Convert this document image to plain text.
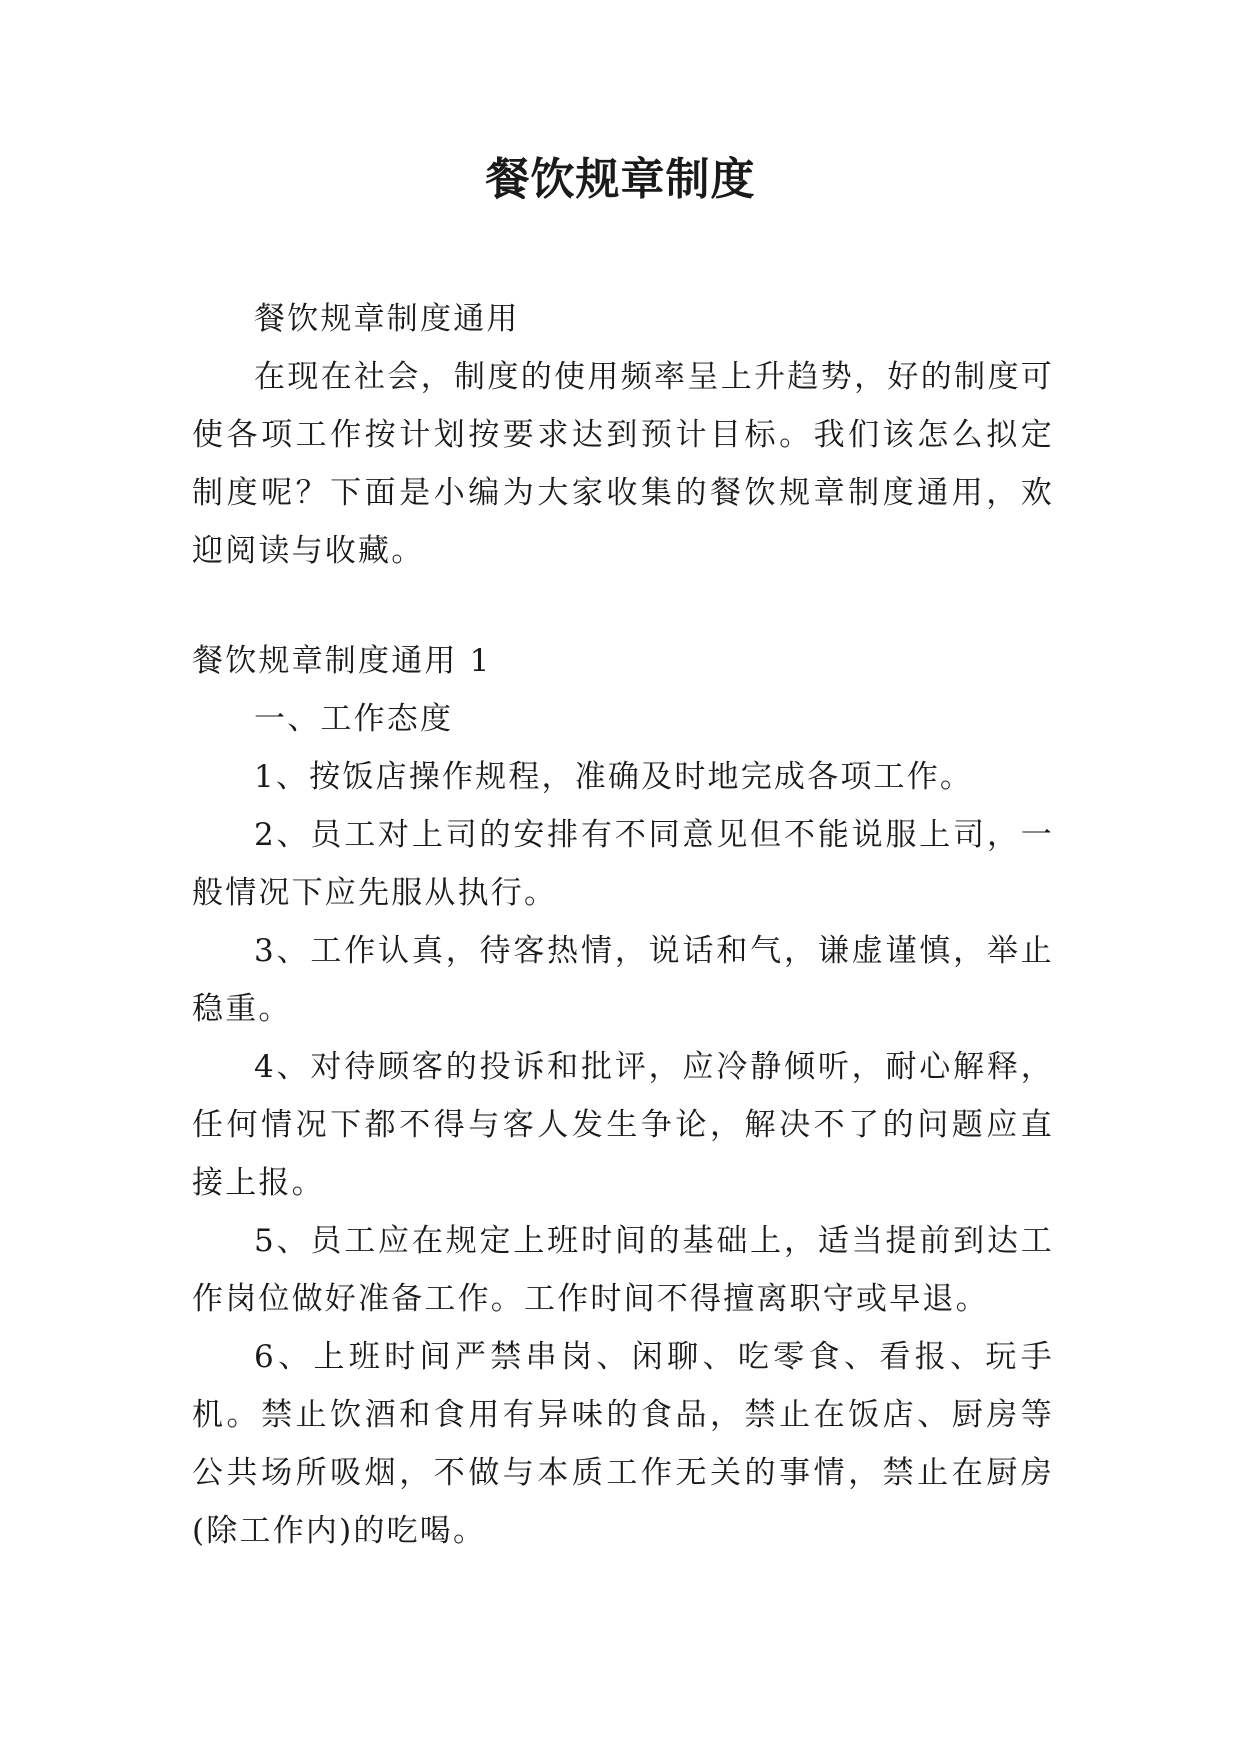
餐饮规章制度

餐饮规章制度通用

在现在社会，制度的使用频率呈上升趋势，好的制度可使各项工作按计划按要求达到预计目标。我们该怎么拟定制度呢？下面是小编为大家收集的餐饮规章制度通用，欢迎阅读与收藏。

餐饮规章制度通用 1

一、工作态度

1、按饭店操作规程，准确及时地完成各项工作。

2、员工对上司的安排有不同意见但不能说服上司，一般情况下应先服从执行。

3、工作认真，待客热情，说话和气，谦虚谨慎，举止稳重。

4、对待顾客的投诉和批评，应冷静倾听，耐心解释，任何情况下都不得与客人发生争论，解决不了的问题应直接上报。

5、员工应在规定上班时间的基础上，适当提前到达工作岗位做好准备工作。工作时间不得擅离职守或早退。

6、上班时间严禁串岗、闲聊、吃零食、看报、玩手机。禁止饮酒和食用有异味的食品，禁止在饭店、厨房等公共场所吸烟，不做与本质工作无关的事情，禁止在厨房(除工作内)的吃喝。
